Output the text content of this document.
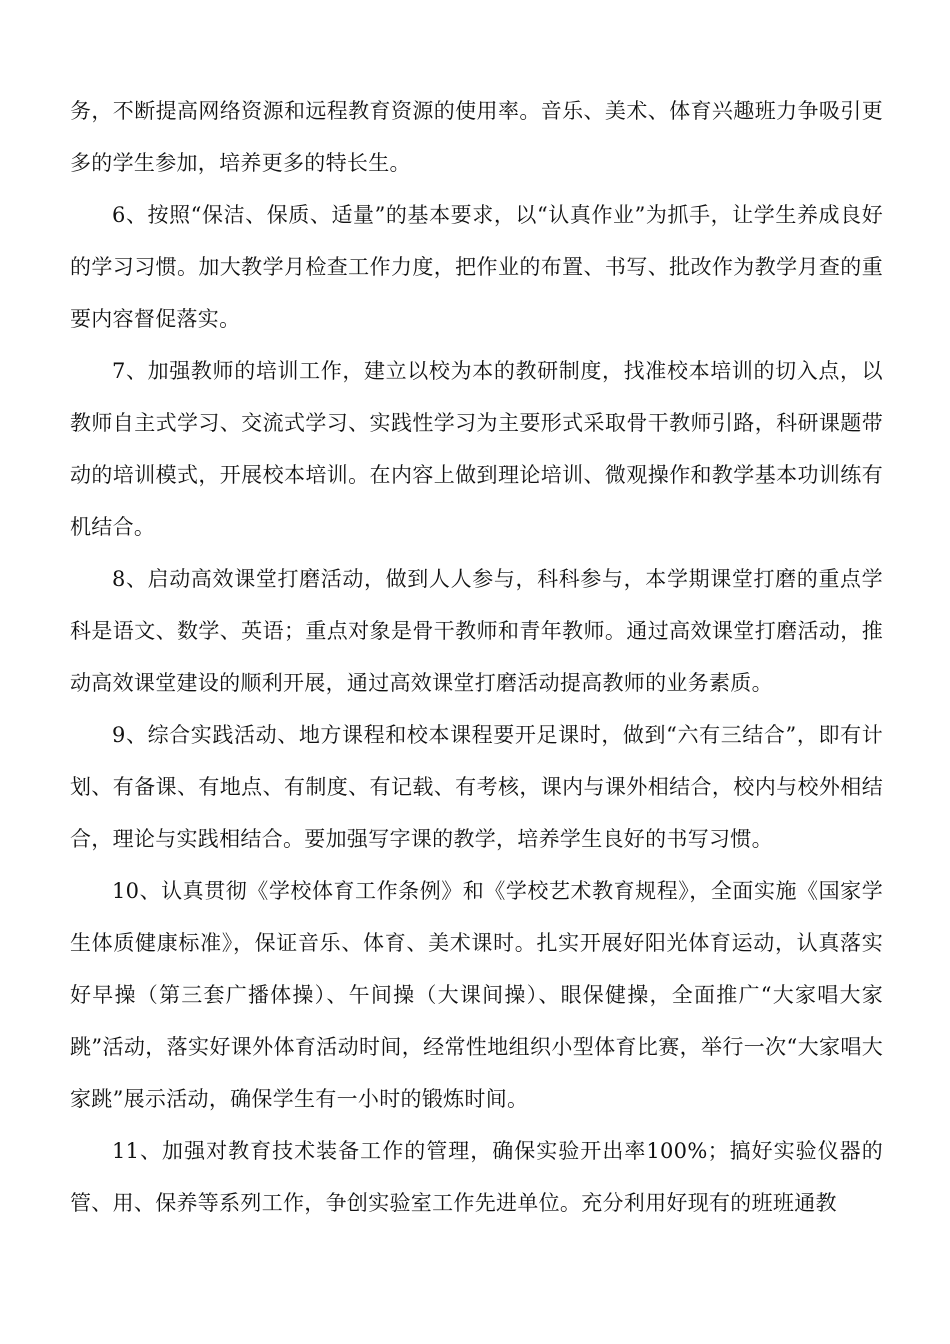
务，不断提高网络资源和远程教育资源的使用率。音乐、美术、体育兴趣班力争吸引更多的学生参加，培养更多的特长生。

6、按照“保洁、保质、适量”的基本要求，以“认真作业”为抓手，让学生养成良好的学习习惯。加大教学月检查工作力度，把作业的布置、书写、批改作为教学月查的重要内容督促落实。

7、加强教师的培训工作，建立以校为本的教研制度，找准校本培训的切入点，以教师自主式学习、交流式学习、实践性学习为主要形式采取骨干教师引路，科研课题带动的培训模式，开展校本培训。在内容上做到理论培训、微观操作和教学基本功训练有机结合。

8、启动高效课堂打磨活动，做到人人参与，科科参与，本学期课堂打磨的重点学科是语文、数学、英语；重点对象是骨干教师和青年教师。通过高效课堂打磨活动，推动高效课堂建设的顺利开展，通过高效课堂打磨活动提高教师的业务素质。

9、综合实践活动、地方课程和校本课程要开足课时，做到“六有三结合”，即有计划、有备课、有地点、有制度、有记载、有考核，课内与课外相结合，校内与校外相结合，理论与实践相结合。要加强写字课的教学，培养学生良好的书写习惯。

10、认真贯彻《学校体育工作条例》和《学校艺术教育规程》，全面实施《国家学生体质健康标准》，保证音乐、体育、美术课时。扎实开展好阳光体育运动，认真落实好早操（第三套广播体操）、午间操（大课间操）、眼保健操，全面推广“大家唱大家跳”活动，落实好课外体育活动时间，经常性地组织小型体育比赛，举行一次“大家唱大家跳”展示活动，确保学生有一小时的锻炼时间。

11、加强对教育技术装备工作的管理，确保实验开出率100%；搞好实验仪器的管、用、保养等系列工作，争创实验室工作先进单位。充分利用好现有的班班通教
